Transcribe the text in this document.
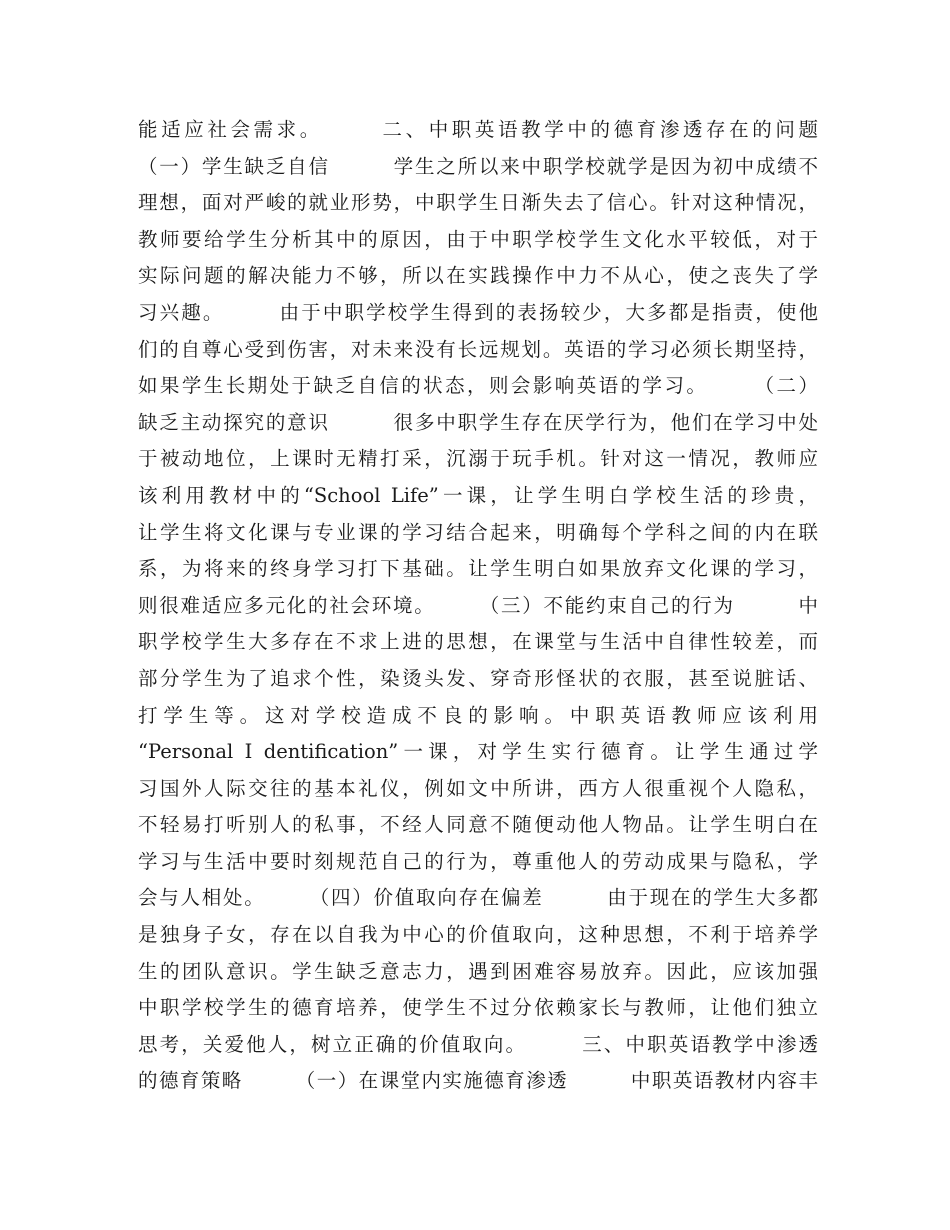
能适应社会需求。　　　二、中职英语教学中的德育渗透存在的问题
（一）学生缺乏自信　　　学生之所以来中职学校就学是因为初中成绩不
理想，面对严峻的就业形势，中职学生日渐失去了信心。针对这种情况，
教师要给学生分析其中的原因，由于中职学校学生文化水平较低，对于
实际问题的解决能力不够，所以在实践操作中力不从心，使之丧失了学
习兴趣。　　　由于中职学校学生得到的表扬较少，大多都是指责，使他
们的自尊心受到伤害，对未来没有长远规划。英语的学习必须长期坚持，
如果学生长期处于缺乏自信的状态，则会影响英语的学习。　　　（二）
缺乏主动探究的意识　　　很多中职学生存在厌学行为，他们在学习中处
于被动地位，上课时无精打采，沉溺于玩手机。针对这一情况，教师应
该利用教材中的“School Life”一课，让学生明白学校生活的珍贵，
让学生将文化课与专业课的学习结合起来，明确每个学科之间的内在联
系，为将来的终身学习打下基础。让学生明白如果放弃文化课的学习，
则很难适应多元化的社会环境。　　　（三）不能约束自己的行为　　　中
职学校学生大多存在不求上进的思想，在课堂与生活中自律性较差，而
部分学生为了追求个性，染烫头发、穿奇形怪状的衣服，甚至说脏话、
打学生等。这对学校造成不良的影响。中职英语教师应该利用
“Personal I dentification”一课，对学生实行德育。让学生通过学
习国外人际交往的基本礼仪，例如文中所讲，西方人很重视个人隐私，
不轻易打听别人的私事，不经人同意不随便动他人物品。让学生明白在
学习与生活中要时刻规范自己的行为，尊重他人的劳动成果与隐私，学
会与人相处。　　　（四）价值取向存在偏差　　　由于现在的学生大多都
是独身子女，存在以自我为中心的价值取向，这种思想，不利于培养学
生的团队意识。学生缺乏意志力，遇到困难容易放弃。因此，应该加强
中职学校学生的德育培养，使学生不过分依赖家长与教师，让他们独立
思考，关爱他人，树立正确的价值取向。　　　三、中职英语教学中渗透
的德育策略　　　（一）在课堂内实施德育渗透　　　中职英语教材内容丰
